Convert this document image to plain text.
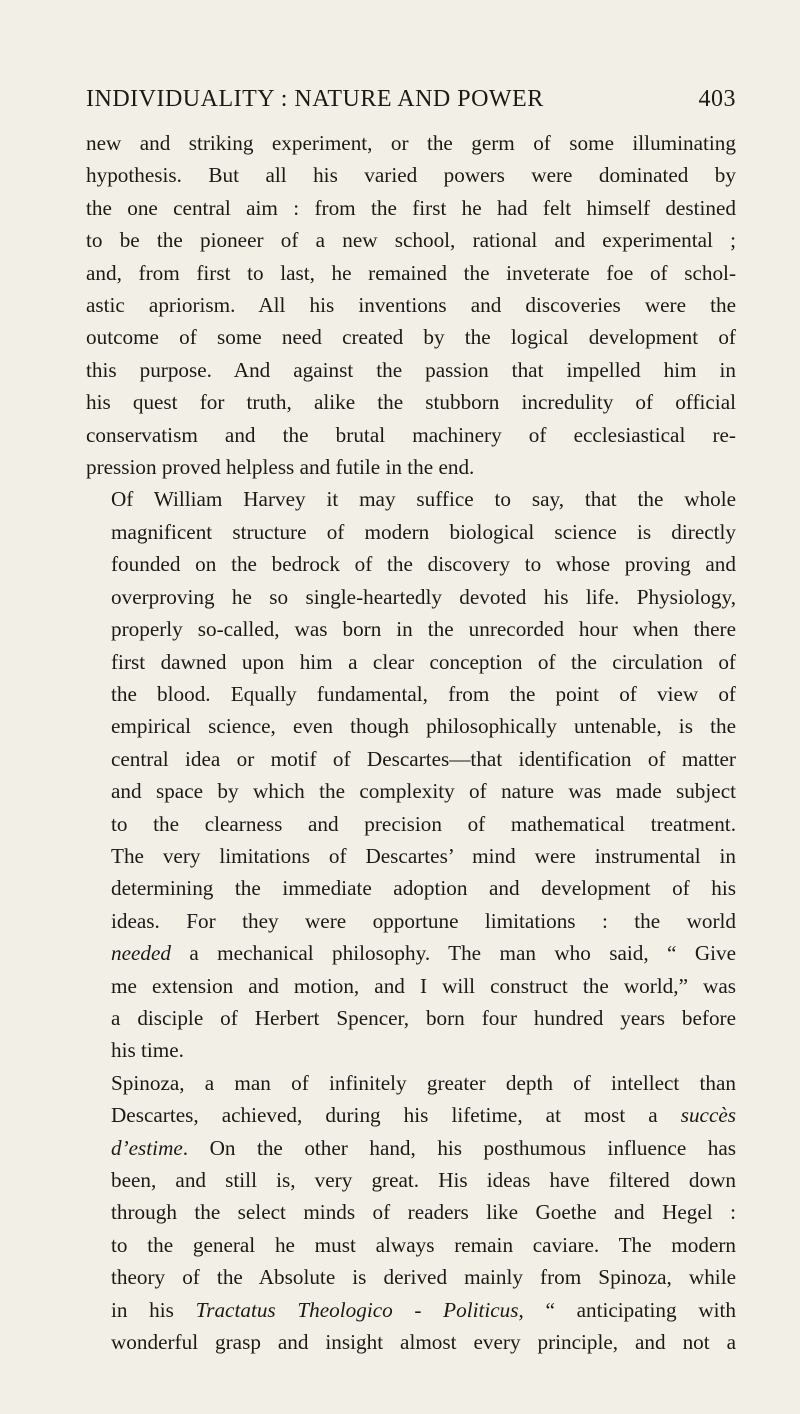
INDIVIDUALITY : NATURE AND POWER	403
new and striking experiment, or the germ of some illuminating
hypothesis. But all his varied powers were dominated by
the one central aim : from the first he had felt himself destined
to be the pioneer of a new school, rational and experimental ;
and, from first to last, he remained the inveterate foe of schol-
astic apriorism. All his inventions and discoveries were the
outcome of some need created by the logical development of
this purpose. And against the passion that impelled him in
his quest for truth, alike the stubborn incredulity of official
conservatism and the brutal machinery of ecclesiastical re-
pression proved helpless and futile in the end.
Of William Harvey it may suffice to say, that the whole
magnificent structure of modern biological science is directly
founded on the bedrock of the discovery to whose proving and
overproving he so single-heartedly devoted his life. Physiology,
properly so-called, was born in the unrecorded hour when there
first dawned upon him a clear conception of the circulation of
the blood. Equally fundamental, from the point of view of
empirical science, even though philosophically untenable, is the
central idea or motif of Descartes—that identification of matter
and space by which the complexity of nature was made subject
to the clearness and precision of mathematical treatment.
The very limitations of Descartes’ mind were instrumental in
determining the immediate adoption and development of his
ideas. For they were opportune limitations : the world
needed a mechanical philosophy. The man who said, “ Give
me extension and motion, and I will construct the world,” was
a disciple of Herbert Spencer, born four hundred years before
his time.
Spinoza, a man of infinitely greater depth of intellect than
Descartes, achieved, during his lifetime, at most a succès
d’estime. On the other hand, his posthumous influence has
been, and still is, very great. His ideas have filtered down
through the select minds of readers like Goethe and Hegel :
to the general he must always remain caviare. The modern
theory of the Absolute is derived mainly from Spinoza, while
in his Tractatus Theologico - Politicus, “ anticipating with
wonderful grasp and insight almost every principle, and not a
